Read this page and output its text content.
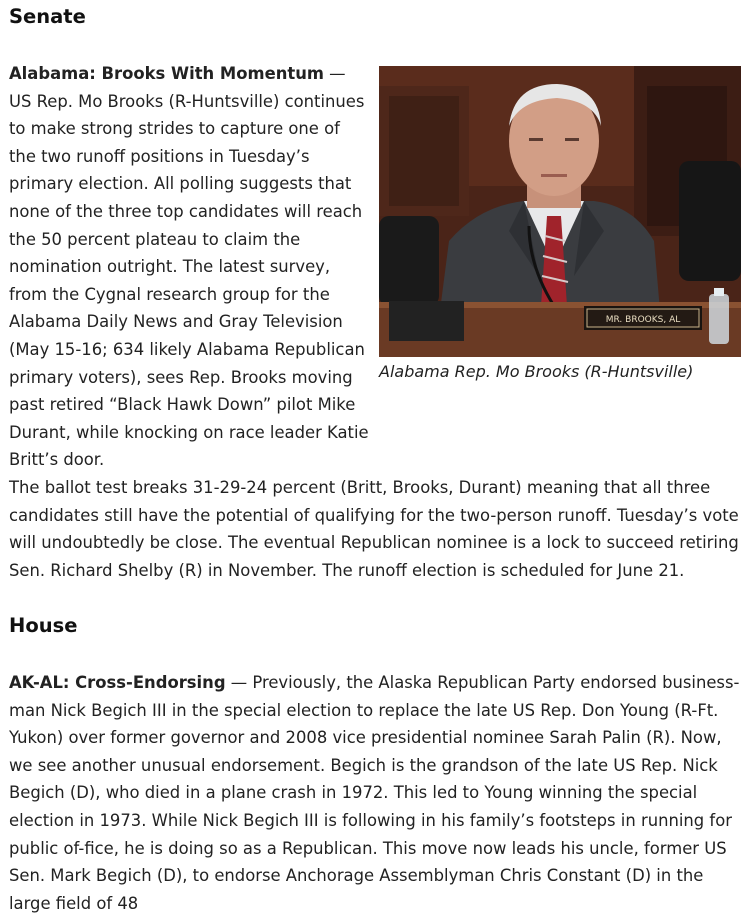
Senate
MR. BROOKS, AL
Alabama Rep. Mo Brooks (R-Huntsville)

Alabama: Brooks With Momentum — US Rep. Mo Brooks (R-Huntsville) continues to make strong strides to capture one of the two runoff positions in Tuesday’s primary election. All polling suggests that none of the three top candidates will reach the 50 percent plateau to claim the nomination outright. The latest survey, from the Cygnal research group for the Alabama Daily News and Gray Television (May 15-16; 634 likely Alabama Republican primary voters), sees Rep. Brooks moving past retired “Black Hawk Down” pilot Mike Durant, while knocking on race leader Katie Britt’s door.

The ballot test breaks 31-29-24 percent (Britt, Brooks, Durant) meaning that all three candidates still have the potential of qualifying for the two-person runoff. Tuesday’s vote will undoubtedly be close. The eventual Republican nominee is a lock to succeed retiring Sen. Richard Shelby (R) in November. The runoff election is scheduled for June 21.

House

AK-AL: Cross-Endorsing — Previously, the Alaska Republican Party endorsed business-man Nick Begich III in the special election to replace the late US Rep. Don Young (R-Ft. Yukon) over former governor and 2008 vice presidential nominee Sarah Palin (R). Now, we see another unusual endorsement. Begich is the grandson of the late US Rep. Nick Begich (D), who died in a plane crash in 1972. This led to Young winning the special election in 1973. While Nick Begich III is following in his family’s footsteps in running for public of-fice, he is doing so as a Republican. This move now leads his uncle, former US Sen. Mark Begich (D), to endorse Anchorage Assemblyman Chris Constant (D) in the large field of 48
